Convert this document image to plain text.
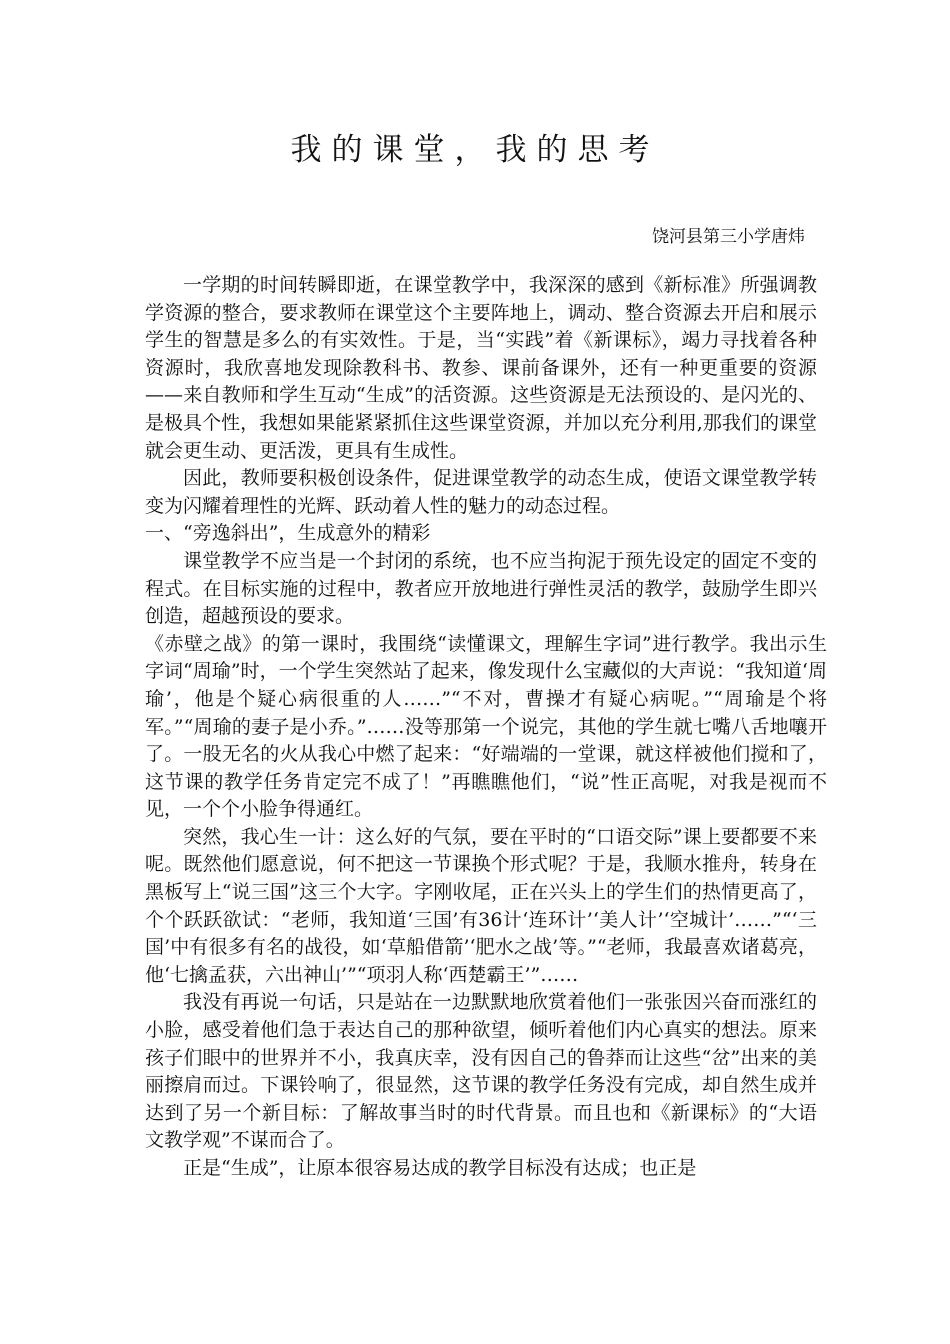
我的课堂，我的思考
饶河县第三小学唐炜

一学期的时间转瞬即逝，在课堂教学中，我深深的感到《新标准》所强调教学资源的整合，要求教师在课堂这个主要阵地上，调动、整合资源去开启和展示学生的智慧是多么的有实效性。于是，当“实践”着《新课标》，竭力寻找着各种资源时，我欣喜地发现除教科书、教参、课前备课外，还有一种更重要的资源——来自教师和学生互动“生成”的活资源。这些资源是无法预设的、是闪光的、是极具个性，我想如果能紧紧抓住这些课堂资源，并加以充分利用,那我们的课堂就会更生动、更活泼，更具有生成性。

因此，教师要积极创设条件，促进课堂教学的动态生成，使语文课堂教学转变为闪耀着理性的光辉、跃动着人性的魅力的动态过程。

一、“旁逸斜出”，生成意外的精彩

课堂教学不应当是一个封闭的系统，也不应当拘泥于预先设定的固定不变的程式。在目标实施的过程中，教者应开放地进行弹性灵活的教学，鼓励学生即兴创造，超越预设的要求。

《赤壁之战》的第一课时，我围绕“读懂课文，理解生字词”进行教学。我出示生字词“周瑜”时，一个学生突然站了起来，像发现什么宝藏似的大声说：“我知道‘周瑜’，他是个疑心病很重的人……”“不对，曹操才有疑心病呢。”“周瑜是个将军。”“周瑜的妻子是小乔。”……没等那第一个说完，其他的学生就七嘴八舌地嚷开了。一股无名的火从我心中燃了起来：“好端端的一堂课，就这样被他们搅和了，这节课的教学任务肯定完不成了！”再瞧瞧他们，“说”性正高呢，对我是视而不见，一个个小脸争得通红。

突然，我心生一计：这么好的气氛，要在平时的“口语交际”课上要都要不来呢。既然他们愿意说，何不把这一节课换个形式呢？于是，我顺水推舟，转身在黑板写上“说三国”这三个大字。字刚收尾，正在兴头上的学生们的热情更高了，个个跃跃欲试：“老师，我知道‘三国’有36计‘连环计’‘美人计’‘空城计’……”“‘三国’中有很多有名的战役，如‘草船借箭’‘肥水之战’等。”“老师，我最喜欢诸葛亮，他‘七擒孟获，六出神山’”“项羽人称‘西楚霸王’”……

我没有再说一句话，只是站在一边默默地欣赏着他们一张张因兴奋而涨红的小脸，感受着他们急于表达自己的那种欲望，倾听着他们内心真实的想法。原来孩子们眼中的世界并不小，我真庆幸，没有因自己的鲁莽而让这些“岔”出来的美丽擦肩而过。下课铃响了，很显然，这节课的教学任务没有完成，却自然生成并达到了另一个新目标：了解故事当时的时代背景。而且也和《新课标》的“大语文教学观”不谋而合了。

正是“生成”，让原本很容易达成的教学目标没有达成；也正是
